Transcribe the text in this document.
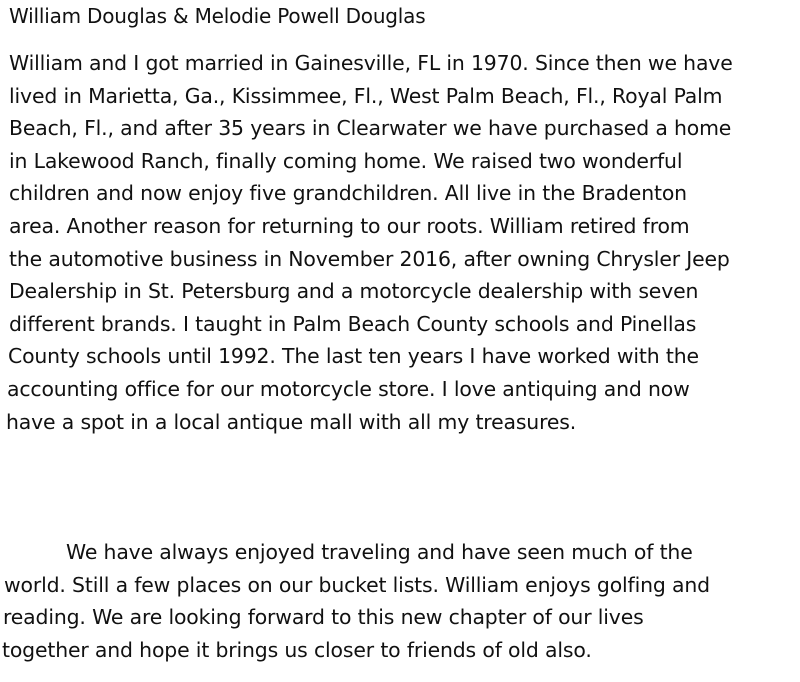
William Douglas & Melodie Powell Douglas
William and I got married in Gainesville, FL in 1970. Since then we have
lived in Marietta, Ga., Kissimmee, Fl., West Palm Beach, Fl., Royal Palm
Beach, Fl., and after 35 years in Clearwater we have purchased a home
in Lakewood Ranch, finally coming home. We raised two wonderful
children and now enjoy five grandchildren. All live in the Bradenton
area. Another reason for returning to our roots. William retired from
the automotive business in November 2016, after owning Chrysler Jeep
Dealership in St. Petersburg and a motorcycle dealership with seven
different brands. I taught in Palm Beach County schools and Pinellas
County schools until 1992. The last ten years I have worked with the
accounting office for our motorcycle store. I love antiquing and now
have a spot in a local antique mall with all my treasures.
We have always enjoyed traveling and have seen much of the
world. Still a few places on our bucket lists. William enjoys golfing and
reading. We are looking forward to this new chapter of our lives
together and hope it brings us closer to friends of old also.
